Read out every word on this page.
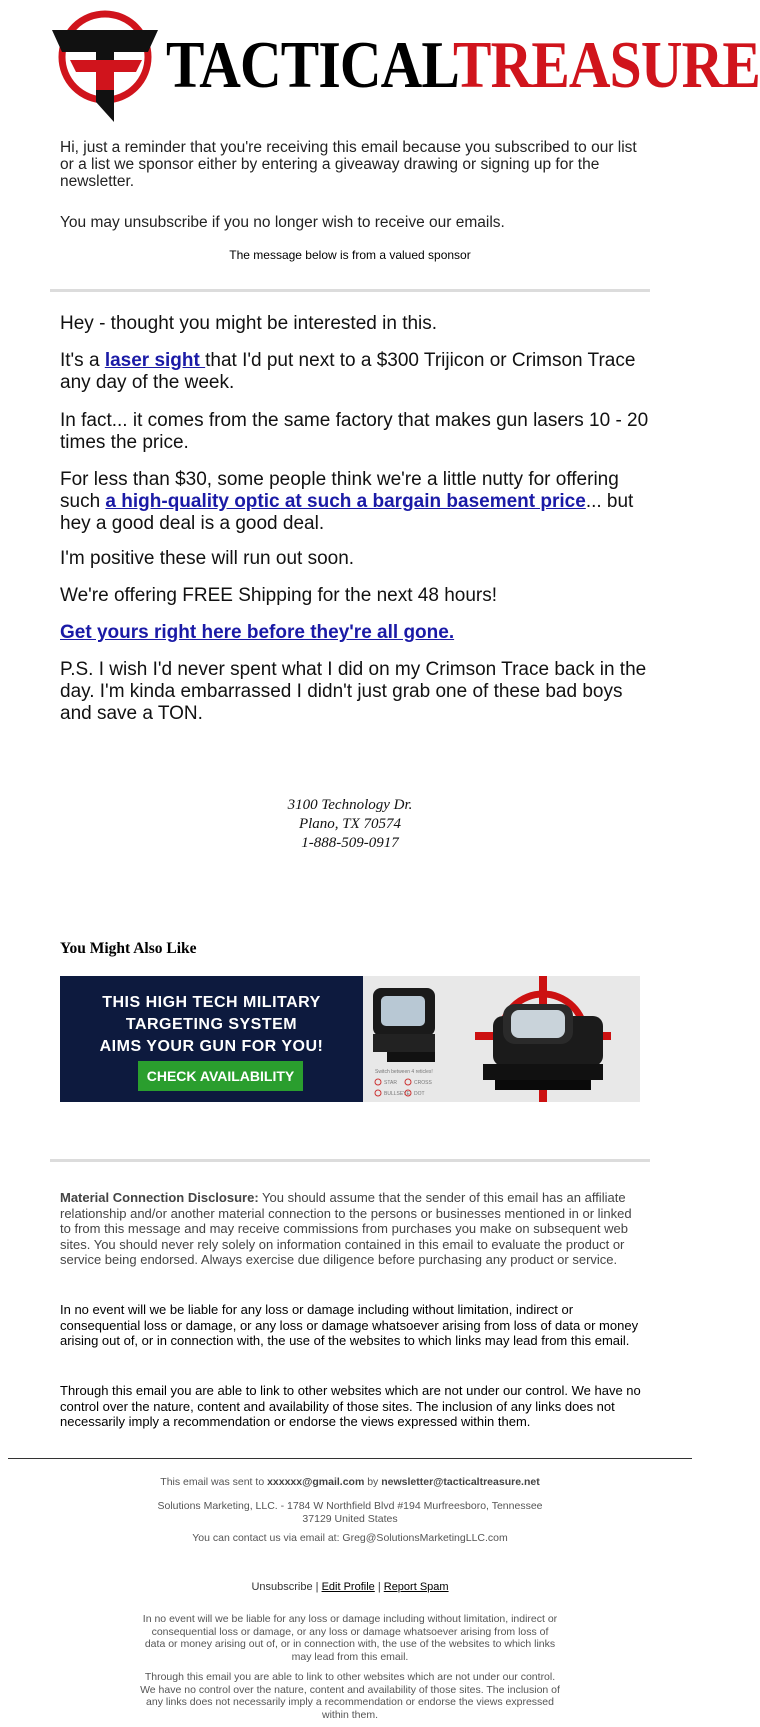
TACTICAL
TREASURE
Hi, just a reminder that you're receiving this email because you subscribed to our list or a list we sponsor either by entering a giveaway drawing or signing up for the newsletter.
You may unsubscribe if you no longer wish to receive our emails.
The message below is from a valued sponsor

Hey - thought you might be interested in this.

It's a laser sight that I'd put next to a $300 Trijicon or Crimson Trace any day of the week.

In fact... it comes from the same factory that makes gun lasers 10 - 20 times the price.

For less than $30, some people think we're a little nutty for offering such a high-quality optic at such a bargain basement price... but hey a good deal is a good deal.

I'm positive these will run out soon.

We're offering FREE Shipping for the next 48 hours!

Get yours right here before they're all gone.

P.S. I wish I'd never spent what I did on my Crimson Trace back in the day. I'm kinda embarrassed I didn't just grab one of these bad boys and save a TON.

3100 Technology Dr.
Plano, TX 70574
1-888-509-0917
You Might Also Like
THIS HIGH TECH MILITARY
TARGETING SYSTEM
AIMS YOUR GUN FOR YOU!
CHECK AVAILABILITY	Switch between 4 reticles!
STAR	CROSS
BULLSEYE DOT
Material Connection Disclosure: You should assume that the sender of this email has an affiliate relationship and/or another material connection to the persons or businesses mentioned in or linked to from this message and may receive commissions from purchases you make on subsequent web sites. You should never rely solely on information contained in this email to evaluate the product or service being endorsed. Always exercise due diligence before purchasing any product or service.
In no event will we be liable for any loss or damage including without limitation, indirect or consequential loss or damage, or any loss or damage whatsoever arising from loss of data or money arising out of, or in connection with, the use of the websites to which links may lead from this email.
Through this email you are able to link to other websites which are not under our control. We have no control over the nature, content and availability of those sites. The inclusion of any links does not necessarily imply a recommendation or endorse the views expressed within them.
This email was sent to xxxxxx@gmail.com by newsletter@tacticaltreasure.net
Solutions Marketing, LLC. - 1784 W Northfield Blvd #194 Murfreesboro, Tennessee 37129 United States
You can contact us via email at: Greg@SolutionsMarketingLLC.com
Unsubscribe | Edit Profile | Report Spam
In no event will we be liable for any loss or damage including without limitation, indirect or consequential loss or damage, or any loss or damage whatsoever arising from loss of data or money arising out of, or in connection with, the use of the websites to which links may lead from this email.
Through this email you are able to link to other websites which are not under our control. We have no control over the nature, content and availability of those sites. The inclusion of any links does not necessarily imply a recommendation or endorse the views expressed within them.
